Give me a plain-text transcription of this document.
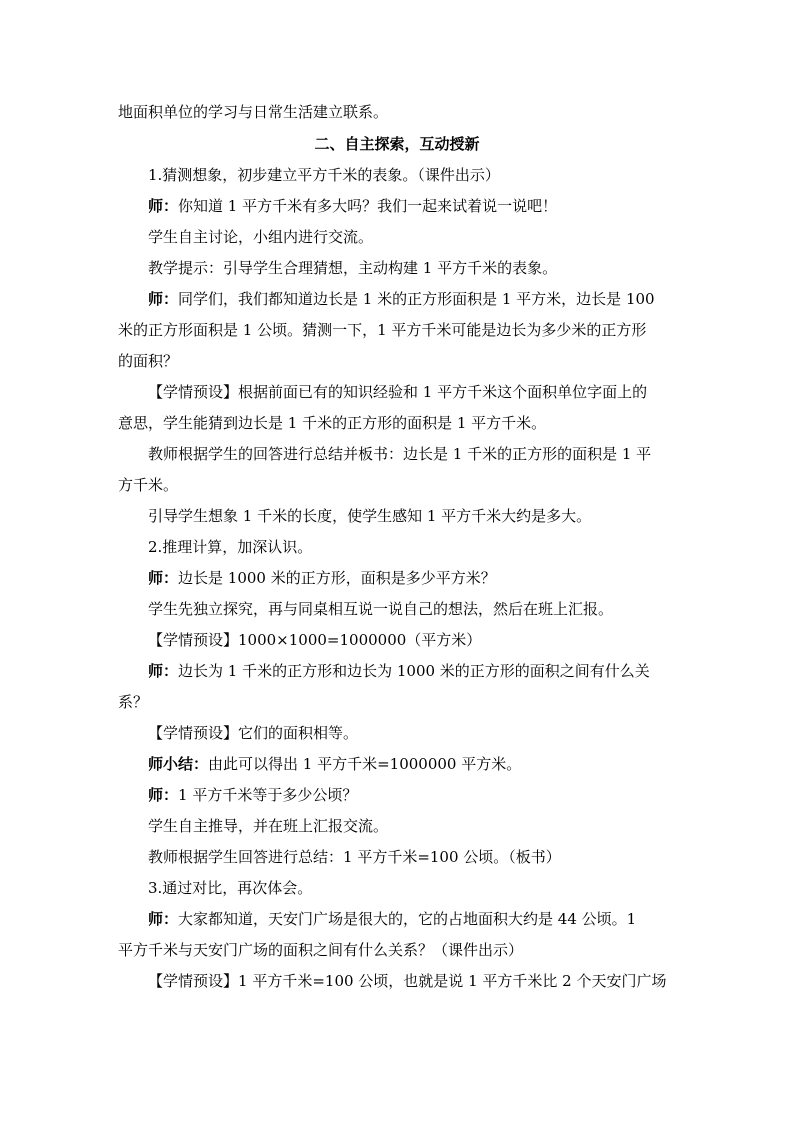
地面积单位的学习与日常生活建立联系。
二、自主探索，互动授新
1.猜测想象，初步建立平方千米的表象。（课件出示）
师：你知道 1 平方千米有多大吗？我们一起来试着说一说吧！
学生自主讨论，小组内进行交流。
教学提示：引导学生合理猜想，主动构建 1 平方千米的表象。
师：同学们，我们都知道边长是 1 米的正方形面积是 1 平方米，边长是 100
米的正方形面积是 1 公顷。猜测一下，1 平方千米可能是边长为多少米的正方形
的面积？
【学情预设】根据前面已有的知识经验和 1 平方千米这个面积单位字面上的
意思，学生能猜到边长是 1 千米的正方形的面积是 1 平方千米。
教师根据学生的回答进行总结并板书：边长是 1 千米的正方形的面积是 1 平
方千米。
引导学生想象 1 千米的长度，使学生感知 1 平方千米大约是多大。
2.推理计算，加深认识。
师：边长是 1000 米的正方形，面积是多少平方米？
学生先独立探究，再与同桌相互说一说自己的想法，然后在班上汇报。
【学情预设】1000×1000=1000000（平方米）
师：边长为 1 千米的正方形和边长为 1000 米的正方形的面积之间有什么关
系？
【学情预设】它们的面积相等。
师小结：由此可以得出 1 平方千米=1000000 平方米。
师：1 平方千米等于多少公顷？
学生自主推导，并在班上汇报交流。
教师根据学生回答进行总结：1 平方千米=100 公顷。（板书）
3.通过对比，再次体会。
师：大家都知道，天安门广场是很大的，它的占地面积大约是 44 公顷。1
平方千米与天安门广场的面积之间有什么关系？（课件出示）
【学情预设】1 平方千米=100 公顷，也就是说 1 平方千米比 2 个天安门广场
